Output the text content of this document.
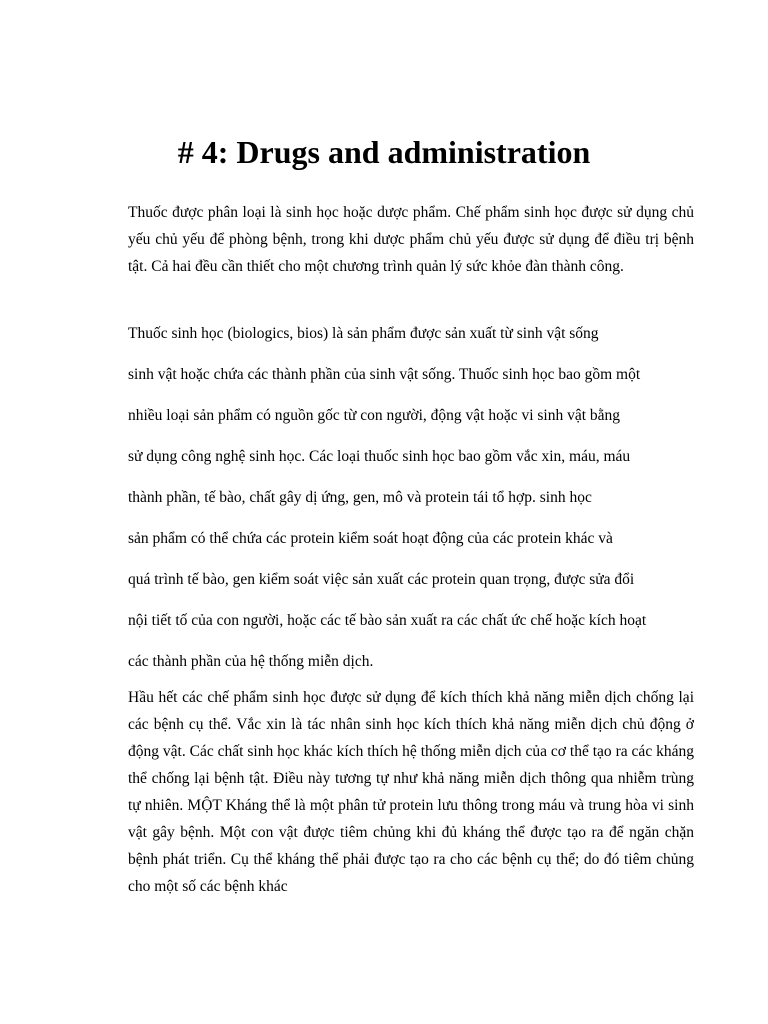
# 4: Drugs and administration

Thuốc được phân loại là sinh học hoặc dược phẩm. Chế phẩm sinh học được sử dụng chủ yếu chủ yếu để phòng bệnh, trong khi dược phẩm chủ yếu được sử dụng để điều trị bệnh tật. Cả hai đều cần thiết cho một chương trình quản lý sức khỏe đàn thành công.

Thuốc sinh học (biologics, bios) là sản phẩm được sản xuất từ sinh vật sống

sinh vật hoặc chứa các thành phần của sinh vật sống. Thuốc sinh học bao gồm một

nhiều loại sản phẩm có nguồn gốc từ con người, động vật hoặc vi sinh vật bằng

sử dụng công nghệ sinh học. Các loại thuốc sinh học bao gồm vắc xin, máu, máu

thành phần, tế bào, chất gây dị ứng, gen, mô và protein tái tổ hợp. sinh học

sản phẩm có thể chứa các protein kiểm soát hoạt động của các protein khác và

quá trình tế bào, gen kiểm soát việc sản xuất các protein quan trọng, được sửa đổi

nội tiết tố của con người, hoặc các tế bào sản xuất ra các chất ức chế hoặc kích hoạt

các thành phần của hệ thống miễn dịch.

Hầu hết các chế phẩm sinh học được sử dụng để kích thích khả năng miễn dịch chống lại các bệnh cụ thể. Vắc xin là tác nhân sinh học kích thích khả năng miễn dịch chủ động ở động vật. Các chất sinh học khác kích thích hệ thống miễn dịch của cơ thể tạo ra các kháng thể chống lại bệnh tật. Điều này tương tự như khả năng miễn dịch thông qua nhiễm trùng tự nhiên. MỘT Kháng thể là một phân tử protein lưu thông trong máu và trung hòa vi sinh vật gây bệnh. Một con vật được tiêm chủng khi đủ kháng thể được tạo ra để ngăn chặn bệnh phát triển. Cụ thể kháng thể phải được tạo ra cho các bệnh cụ thể; do đó tiêm chủng cho một số các bệnh khác
